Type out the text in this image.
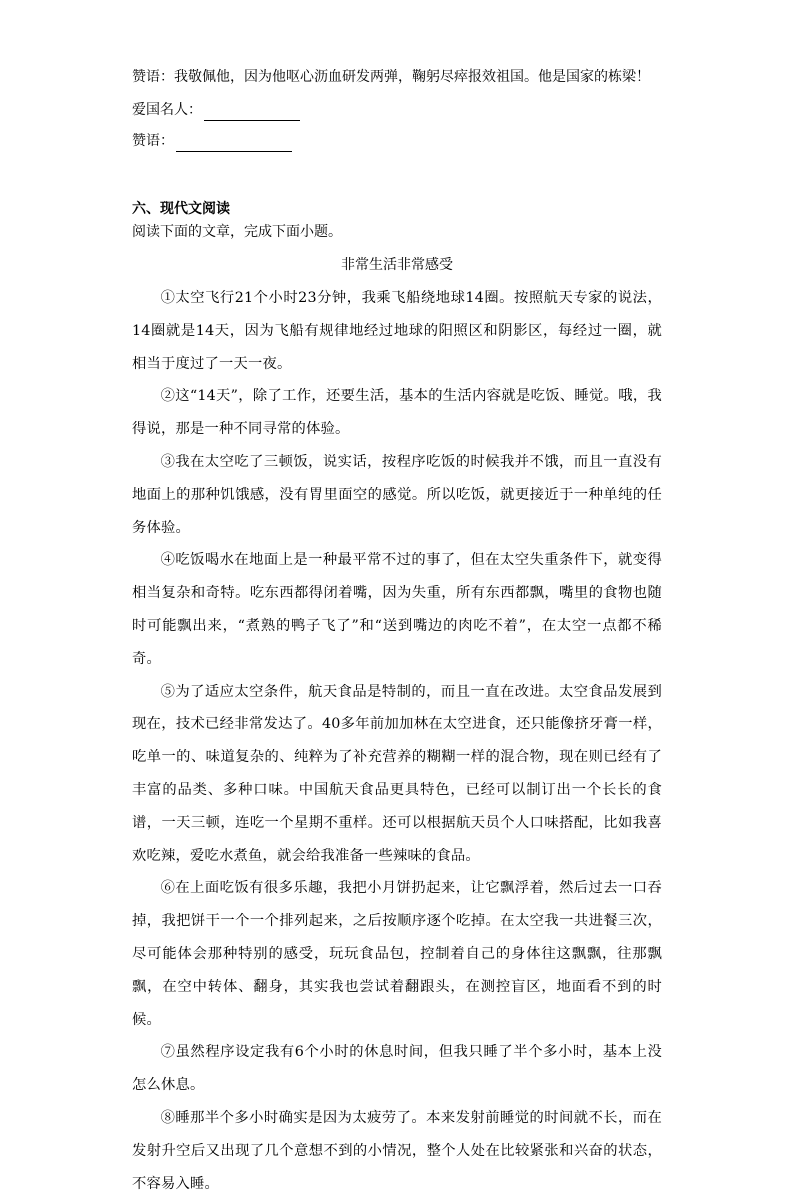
赞语：我敬佩他，因为他呕心沥血研发两弹，鞠躬尽瘁报效祖国。他是国家的栋梁！
爱国名人：
赞语：
六、现代文阅读
阅读下面的文章，完成下面小题。
非常生活非常感受

①太空飞行21个小时23分钟，我乘飞船绕地球14圈。按照航天专家的说法，14圈就是14天，因为飞船有规律地经过地球的阳照区和阴影区，每经过一圈，就相当于度过了一天一夜。

②这“14天”，除了工作，还要生活，基本的生活内容就是吃饭、睡觉。哦，我得说，那是一种不同寻常的体验。

③我在太空吃了三顿饭，说实话，按程序吃饭的时候我并不饿，而且一直没有地面上的那种饥饿感，没有胃里面空的感觉。所以吃饭，就更接近于一种单纯的任务体验。

④吃饭喝水在地面上是一种最平常不过的事了，但在太空失重条件下，就变得相当复杂和奇特。吃东西都得闭着嘴，因为失重，所有东西都飘，嘴里的食物也随时可能飘出来，“煮熟的鸭子飞了”和“送到嘴边的肉吃不着”，在太空一点都不稀奇。

⑤为了适应太空条件，航天食品是特制的，而且一直在改进。太空食品发展到现在，技术已经非常发达了。40多年前加加林在太空进食，还只能像挤牙膏一样，吃单一的、味道复杂的、纯粹为了补充营养的糊糊一样的混合物，现在则已经有了丰富的品类、多种口味。中国航天食品更具特色，已经可以制订出一个长长的食谱，一天三顿，连吃一个星期不重样。还可以根据航天员个人口味搭配，比如我喜欢吃辣，爱吃水煮鱼，就会给我准备一些辣味的食品。

⑥在上面吃饭有很多乐趣，我把小月饼扔起来，让它飘浮着，然后过去一口吞掉，我把饼干一个一个排列起来，之后按顺序逐个吃掉。在太空我一共进餐三次，尽可能体会那种特别的感受，玩玩食品包，控制着自己的身体往这飘飘，往那飘飘，在空中转体、翻身，其实我也尝试着翻跟头，在测控盲区，地面看不到的时候。

⑦虽然程序设定我有6个小时的休息时间，但我只睡了半个多小时，基本上没怎么休息。

⑧睡那半个多小时确实是因为太疲劳了。本来发射前睡觉的时间就不长，而在发射升空后又出现了几个意想不到的小情况，整个人处在比较紧张和兴奋的状态，不容易入睡。
